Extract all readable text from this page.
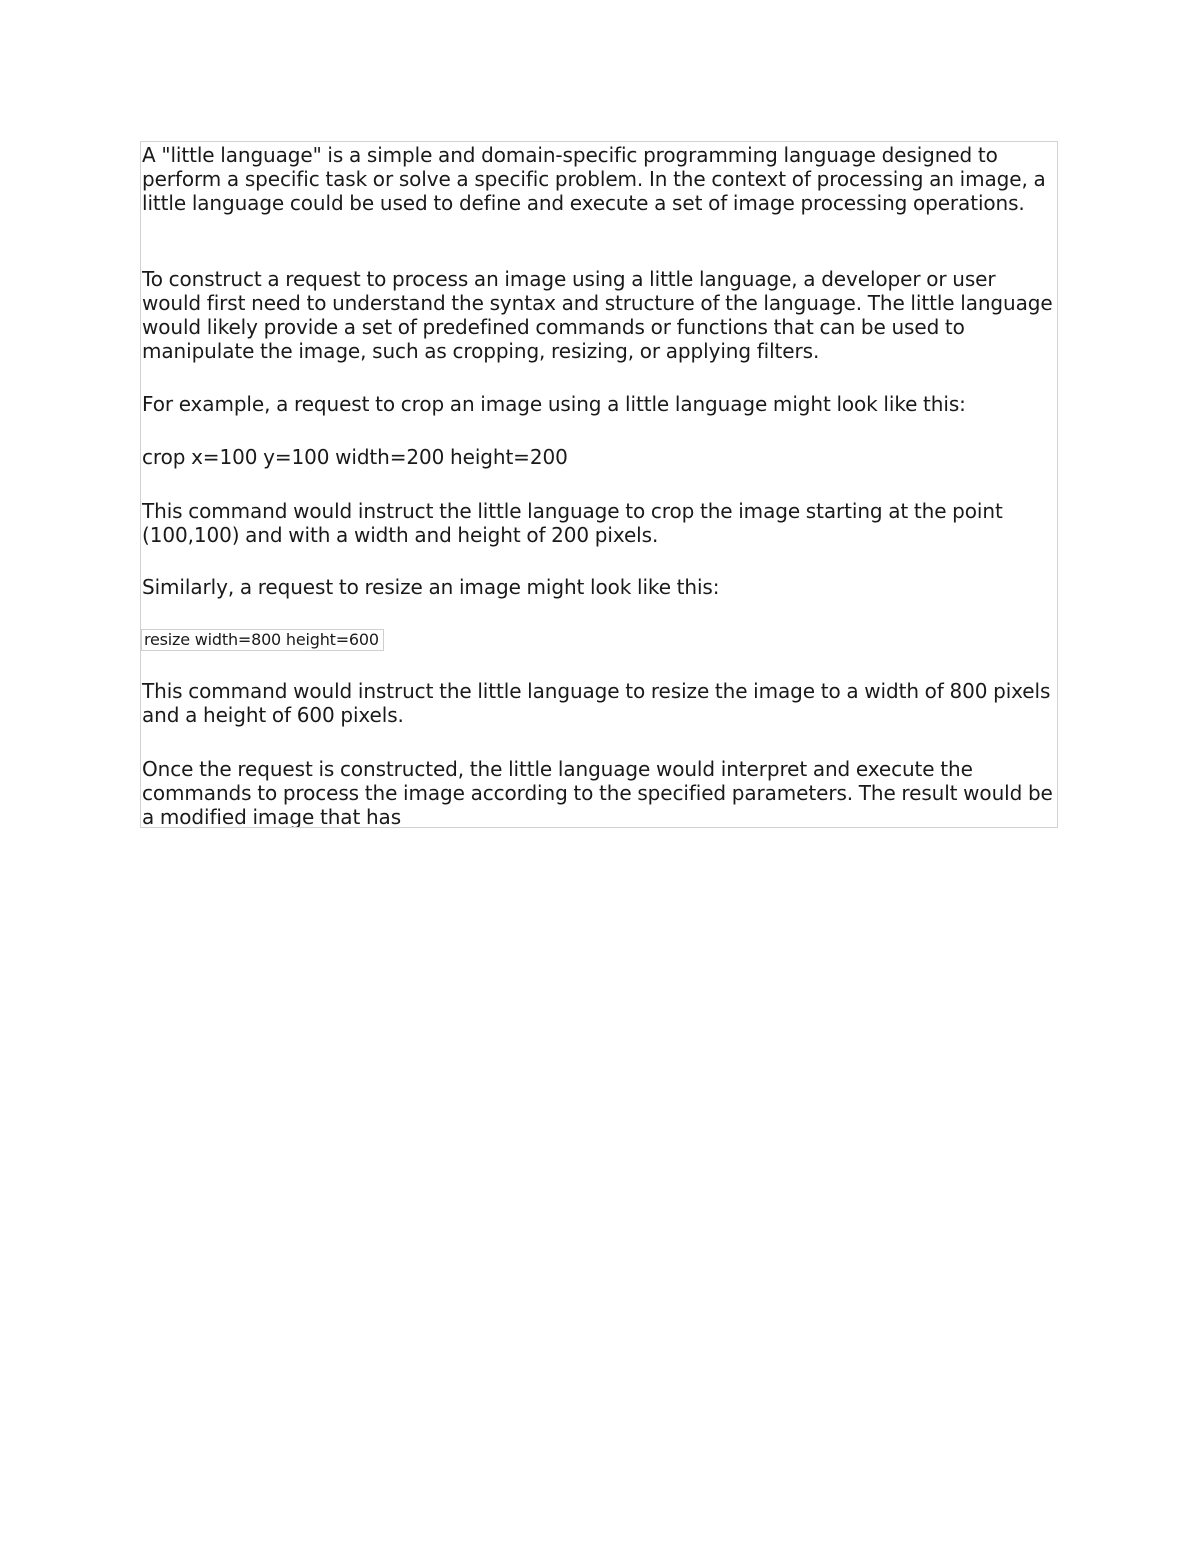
A "little language" is a simple and domain-specific programming language designed to perform a specific task or solve a specific problem. In the context of processing an image, a little language could be used to define and execute a set of image processing operations.

To construct a request to process an image using a little language, a developer or user would first need to understand the syntax and structure of the language. The little language would likely provide a set of predefined commands or functions that can be used to manipulate the image, such as cropping, resizing, or applying filters.

For example, a request to crop an image using a little language might look like this:

crop x=100 y=100 width=200 height=200

This command would instruct the little language to crop the image starting at the point (100,100) and with a width and height of 200 pixels.

Similarly, a request to resize an image might look like this:

resize width=800 height=600

This command would instruct the little language to resize the image to a width of 800 pixels and a height of 600 pixels.

Once the request is constructed, the little language would interpret and execute the commands to process the image according to the specified parameters. The result would be a modified image that has
